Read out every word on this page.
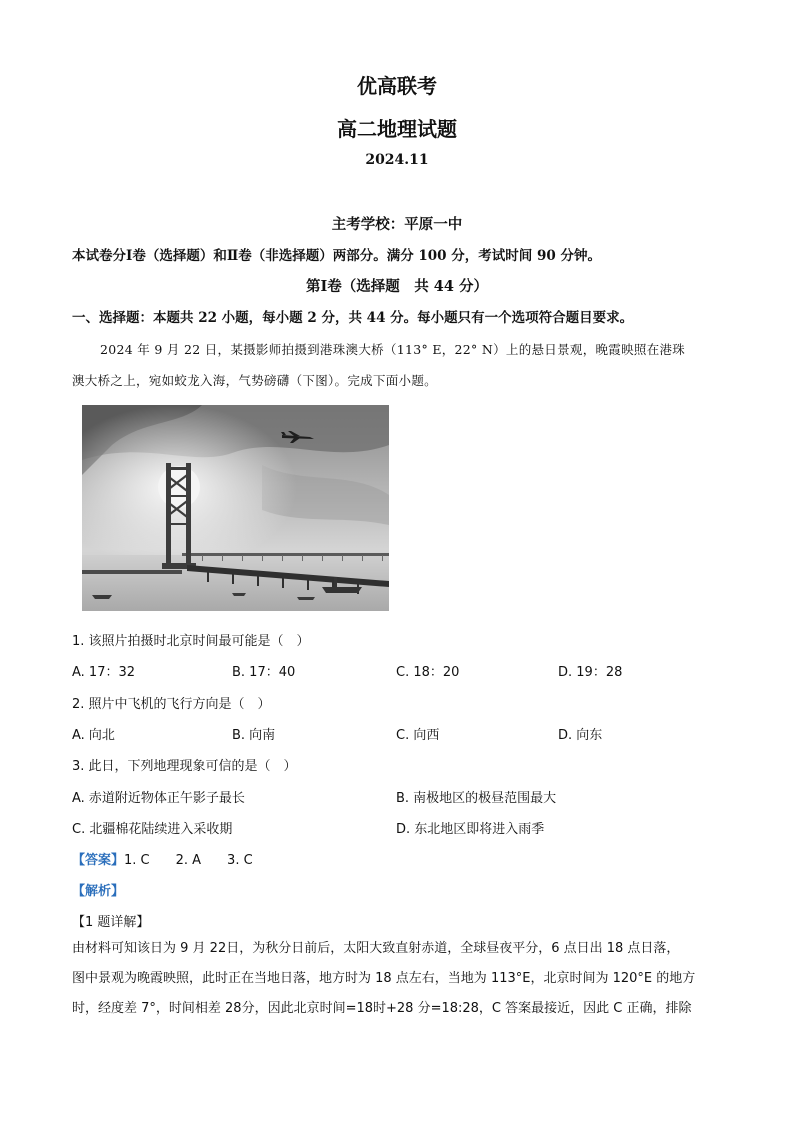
优高联考
高二地理试题
2024.11
主考学校：平原一中
本试卷分Ⅰ卷（选择题）和Ⅱ卷（非选择题）两部分。满分 100 分，考试时间 90 分钟。
第Ⅰ卷（选择题　共 44 分）
一、选择题：本题共 22 小题，每小题 2 分，共 44 分。每小题只有一个选项符合题目要求。
2024 年 9 月 22 日，某摄影师拍摄到港珠澳大桥（113° E，22° N）上的悬日景观，晚霞映照在港珠
澳大桥之上，宛如蛟龙入海，气势磅礴（下图）。完成下面小题。
1. 该照片拍摄时北京时间最可能是（　）
A. 17：32	B. 17：40	C. 18：20	D. 19：28
2. 照片中飞机的飞行方向是（　）
A. 向北	B. 向南	C. 向西	D. 向东
3. 此日，下列地理现象可信的是（　）
A. 赤道附近物体正午影子最长	B. 南极地区的极昼范围最大
C. 北疆棉花陆续进入采收期	D. 东北地区即将进入雨季
【答案】1. C　　2. A　　3. C
【解析】
【1 题详解】
由材料可知该日为 9 月 22日，为秋分日前后，太阳大致直射赤道，全球昼夜平分，6 点日出 18 点日落，
图中景观为晚霞映照，此时正在当地日落，地方时为 18 点左右，当地为 113°E，北京时间为 120°E 的地方
时，经度差 7°，时间相差 28分，因此北京时间=18时+28 分=18:28，C 答案最接近，因此 C 正确，排除
